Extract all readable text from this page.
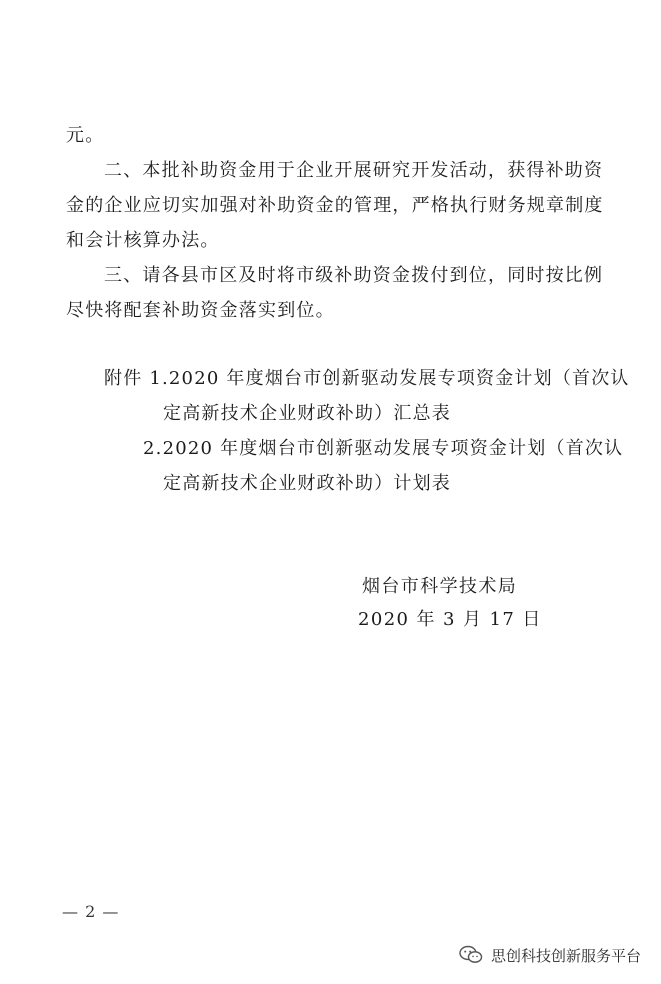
元。
二、本批补助资金用于企业开展研究开发活动，获得补助资
金的企业应切实加强对补助资金的管理，严格执行财务规章制度
和会计核算办法。
三、请各县市区及时将市级补助资金拨付到位，同时按比例
尽快将配套补助资金落实到位。
附件 1.2020 年度烟台市创新驱动发展专项资金计划（首次认
定高新技术企业财政补助）汇总表
2.2020 年度烟台市创新驱动发展专项资金计划（首次认
定高新技术企业财政补助）计划表
烟台市科学技术局
2020 年 3 月 17 日
— 2 —
思创科技创新服务平台
